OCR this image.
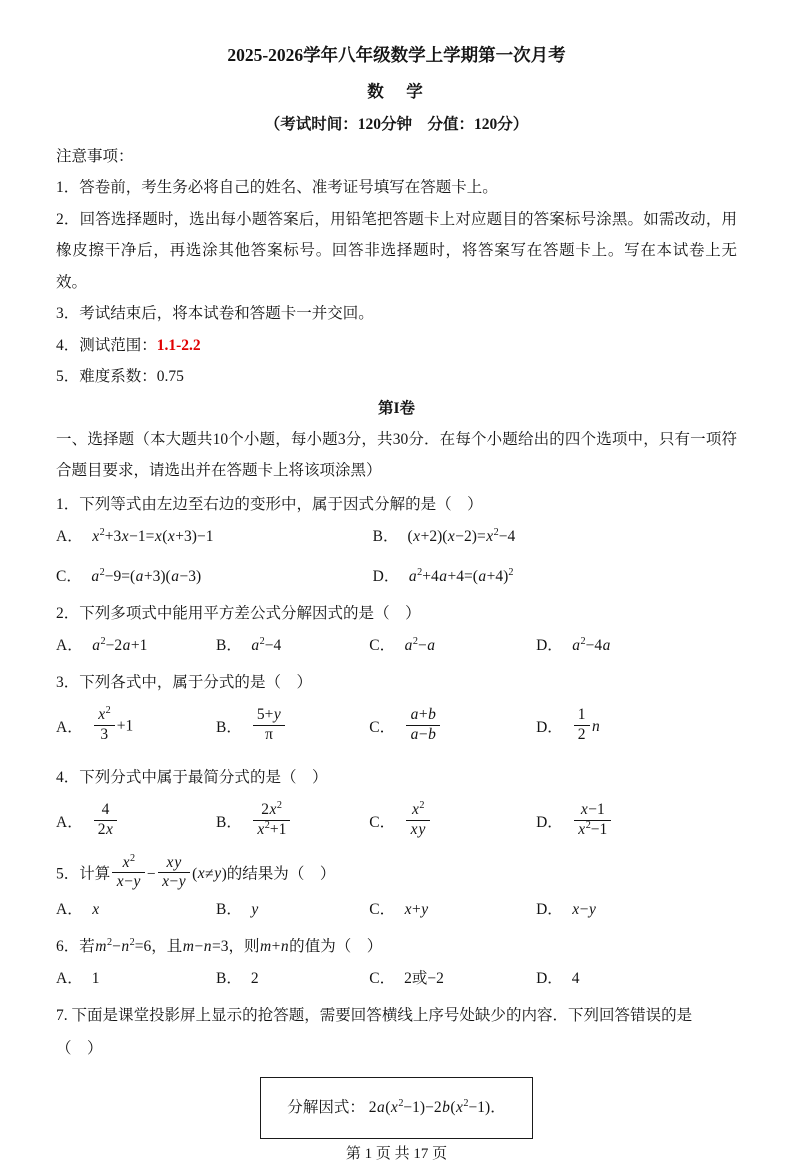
2025-2026学年八年级数学上学期第一次月考
数　学
（考试时间：120分钟　分值：120分）
注意事项：
1．答卷前，考生务必将自己的姓名、准考证号填写在答题卡上。
2．回答选择题时，选出每小题答案后，用铅笔把答题卡上对应题目的答案标号涂黑。如需改动，用橡皮擦干净后，再选涂其他答案标号。回答非选择题时，将答案写在答题卡上。写在本试卷上无效。
3．考试结束后，将本试卷和答题卡一并交回。
4．测试范围：1.1-2.2
5．难度系数：0.75
第I卷
一、选择题（本大题共10个小题，每小题3分，共30分．在每个小题给出的四个选项中，只有一项符合题目要求，请选出并在答题卡上将该项涂黑）
1．下列等式由左边至右边的变形中，属于因式分解的是（　 ）
A． $x^2+3x-1=x(x+3)-1$	B． $(x+2)(x-2)=x^2-4$
C． $a^2-9=(a+3)(a-3)$	D． $a^2+4a+4=(a+4)^2$
2．下列多项式中能用平方差公式分解因式的是（　 ）
A． $a^2-2a+1$	B． $a^2-4$	C． $a^2-a$	D． $a^2-4a$
3．下列各式中，属于分式的是（　 ）
A． $\frac{x^2}{3} +1$	B． $\frac{5+y}{\pi}$	C． $\frac{a+b}{a-b}$	D． $\frac{1}{2}$ n
4．下列分式中属于最简分式的是（　 ）
A． $\frac{4}{2x}$	B． $\frac{2x^2}{x^2+1}$	C． $\frac{x^2}{xy}$	D． $\frac{x-1}{x^2-1}$
5．计算 $\frac{x^2}{x-y} - \frac{xy}{x-y} (x\ne y)$的结果为（　 ）
A． x	B． y	C． x+y	D． x−y
6．若$m^2-n^2=6$，且m−n=3，则m+n的值为（　 ）
A． 1	B． 2	C． 2或−2	D． 4
7. 下面是课堂投影屏上显示的抢答题，需要回答横线上序号处缺少的内容．下列回答错误的是（　 ）
分解因式： $2a(x^2-1)-2b(x^2-1)$．
第 1 页 共 17 页
